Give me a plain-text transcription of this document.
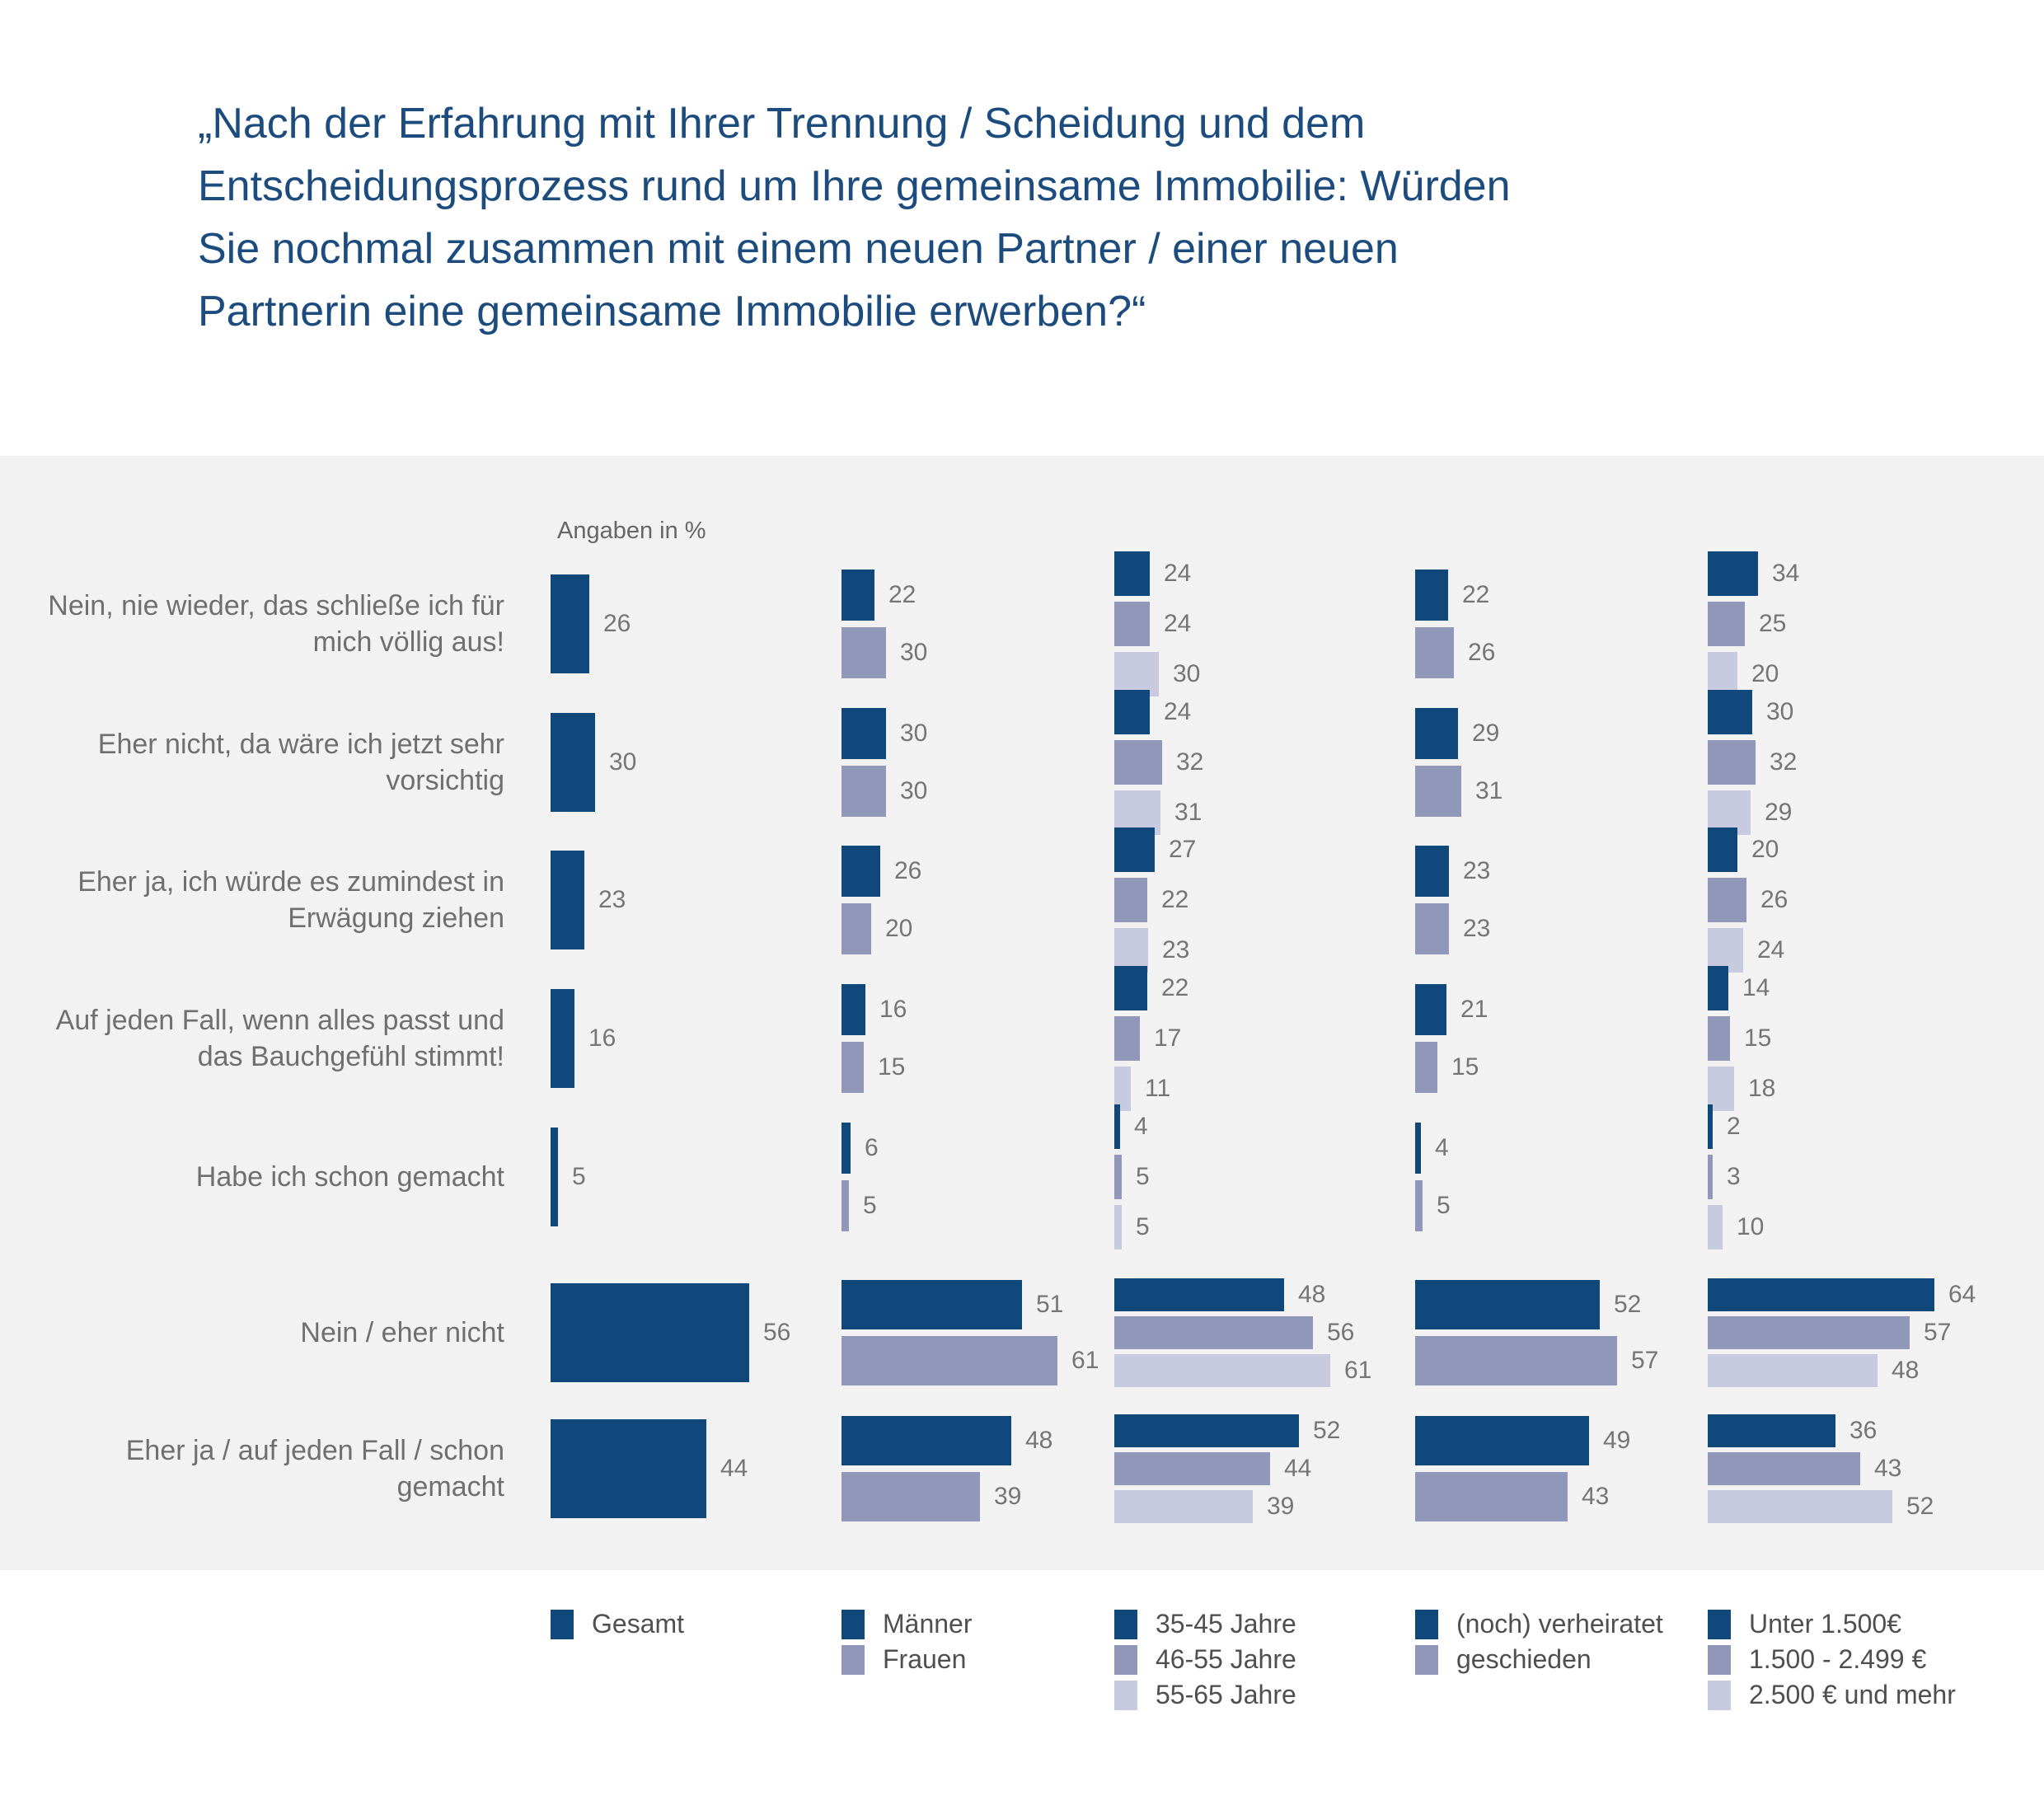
„Nach der Erfahrung mit Ihrer Trennung / Scheidung und dem Entscheidungsprozess rund um Ihre gemeinsame Immobilie: Würden Sie nochmal zusammen mit einem neuen Partner / einer neuen Partnerin eine gemeinsame Immobilie erwerben?“
Angaben in %
Nein, nie wieder, das schließe ich für mich völlig aus!
Eher nicht, da wäre ich jetzt sehr vorsichtig
Eher ja, ich würde es zumindest in Erwägung ziehen
Auf jeden Fall, wenn alles passt und das Bauchgefühl stimmt!
Habe ich schon gemacht
Nein / eher nicht
Eher ja / auf jeden Fall / schon gemacht
26
22
30
24
24
30
22
26
34
25
20
30
30
30
24
32
31
29
31
30
32
29
23
26
20
27
22
23
23
23
20
26
24
16
16
15
22
17
11
21
15
14
15
18
5
6
5
4
5
5
4
5
2
3
10
56
51
61
48
56
61
52
57
64
57
48
44
48
39
52
44
39
49
43
36
43
52
Gesamt	Männer
Frauen
35-45 Jahre
46-55 Jahre
55-65 Jahre
(noch) verheiratet
geschieden
Unter 1.500€
1.500 - 2.499 €
2.500 € und mehr
